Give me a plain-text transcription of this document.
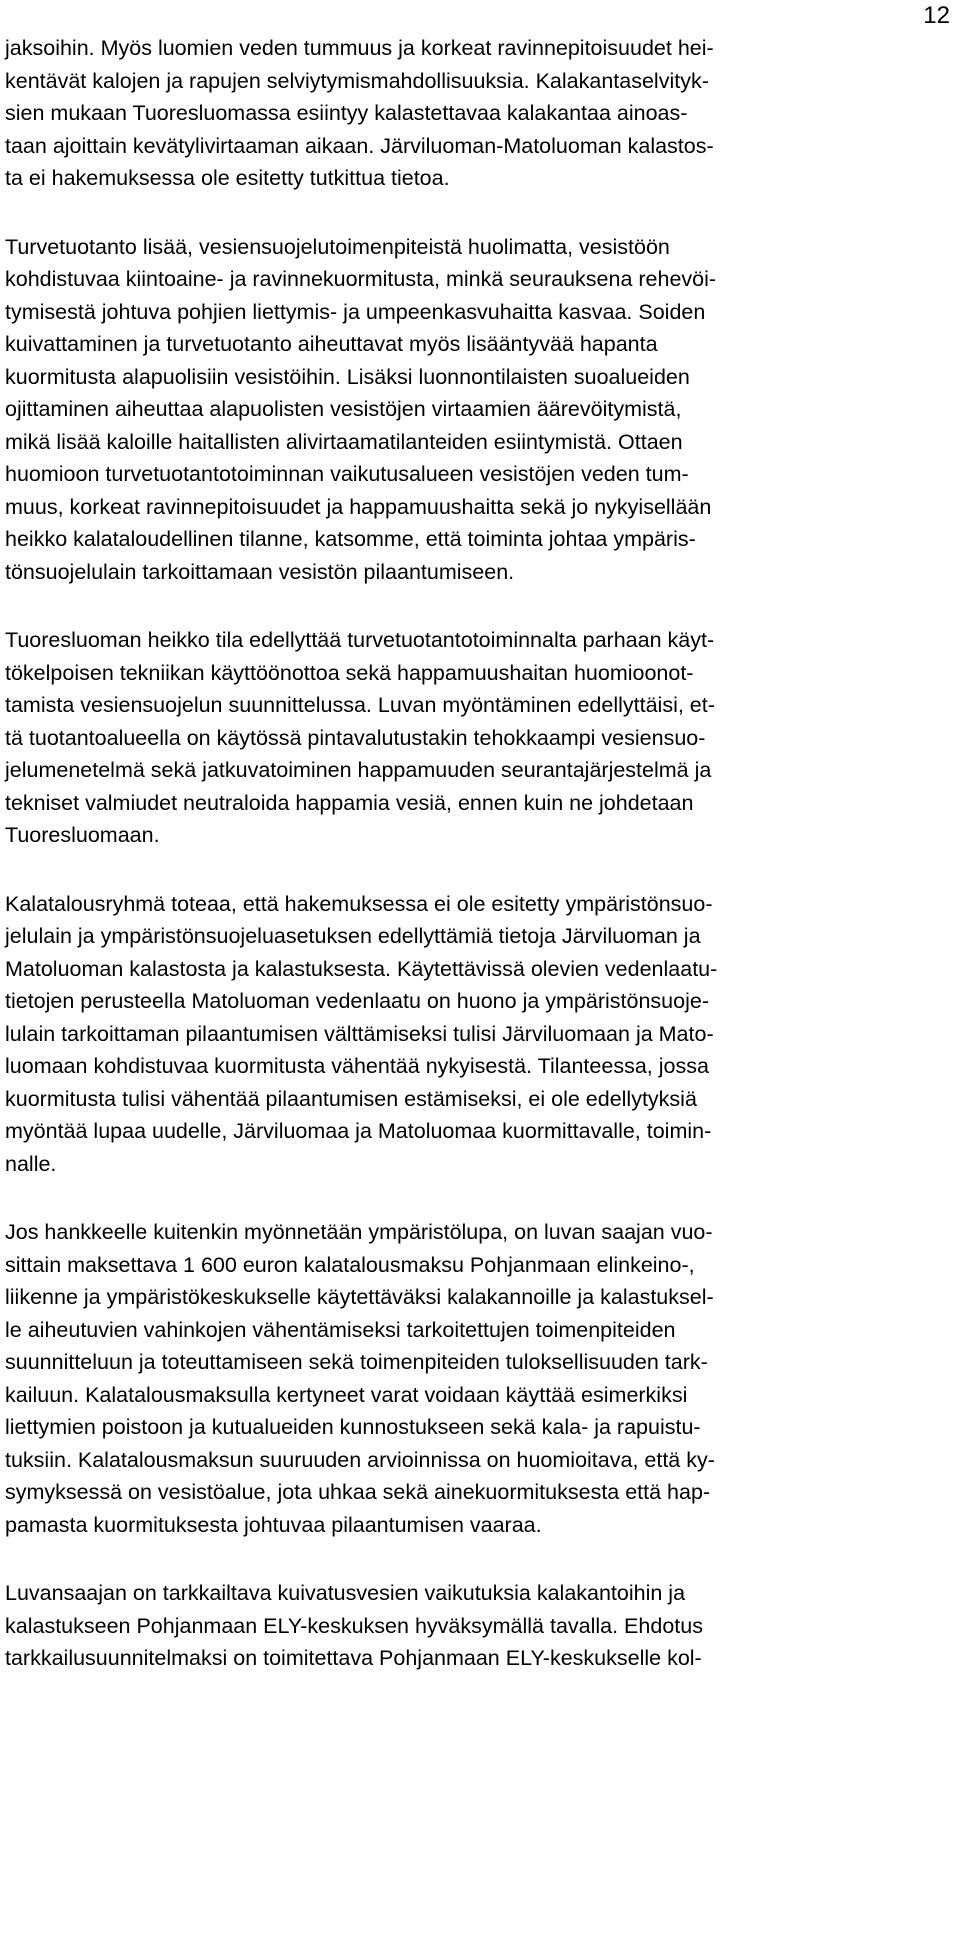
12

jaksoihin. Myös luomien veden tummuus ja korkeat ravinnepitoisuudet hei-
kentävät kalojen ja rapujen selviytymismahdollisuuksia. Kalakantaselvityk-
sien mukaan Tuoresluomassa esiintyy kalastettavaa kalakantaa ainoas-
taan ajoittain kevätylivirtaaman aikaan. Järviluoman-Matoluoman kalastos-
ta ei hakemuksessa ole esitetty tutkittua tietoa.

Turvetuotanto lisää, vesiensuojelutoimenpiteistä huolimatta, vesistöön
kohdistuvaa kiintoaine- ja ravinnekuormitusta, minkä seurauksena rehevöi-
tymisestä johtuva pohjien liettymis- ja umpeenkasvuhaitta kasvaa. Soiden
kuivattaminen ja turvetuotanto aiheuttavat myös lisääntyvää hapanta
kuormitusta alapuolisiin vesistöihin. Lisäksi luonnontilaisten suoalueiden
ojittaminen aiheuttaa alapuolisten vesistöjen virtaamien äärevöitymistä,
mikä lisää kaloille haitallisten alivirtaamatilanteiden esiintymistä. Ottaen
huomioon turvetuotantotoiminnan vaikutusalueen vesistöjen veden tum-
muus, korkeat ravinnepitoisuudet ja happamuushaitta sekä jo nykyisellään
heikko kalataloudellinen tilanne, katsomme, että toiminta johtaa ympäris-
tönsuojelulain tarkoittamaan vesistön pilaantumiseen.

Tuoresluoman heikko tila edellyttää turvetuotantotoiminnalta parhaan käyt-
tökelpoisen tekniikan käyttöönottoa sekä happamuushaitan huomioonot-
tamista vesiensuojelun suunnittelussa. Luvan myöntäminen edellyttäisi, et-
tä tuotantoalueella on käytössä pintavalutustakin tehokkaampi vesiensuo-
jelumenetelmä sekä jatkuvatoiminen happamuuden seurantajärjestelmä ja
tekniset valmiudet neutraloida happamia vesiä, ennen kuin ne johdetaan
Tuoresluomaan.

Kalatalousryhmä toteaa, että hakemuksessa ei ole esitetty ympäristönsuo-
jelulain ja ympäristönsuojeluasetuksen edellyttämiä tietoja Järviluoman ja
Matoluoman kalastosta ja kalastuksesta. Käytettävissä olevien vedenlaatu-
tietojen perusteella Matoluoman vedenlaatu on huono ja ympäristönsuoje-
lulain tarkoittaman pilaantumisen välttämiseksi tulisi Järviluomaan ja Mato-
luomaan kohdistuvaa kuormitusta vähentää nykyisestä. Tilanteessa, jossa
kuormitusta tulisi vähentää pilaantumisen estämiseksi, ei ole edellytyksiä
myöntää lupaa uudelle, Järviluomaa ja Matoluomaa kuormittavalle, toimin-
nalle.

Jos hankkeelle kuitenkin myönnetään ympäristölupa, on luvan saajan vuo-
sittain maksettava 1 600 euron kalatalousmaksu Pohjanmaan elinkeino-,
liikenne ja ympäristökeskukselle käytettäväksi kalakannoille ja kalastuksel-
le aiheutuvien vahinkojen vähentämiseksi tarkoitettujen toimenpiteiden
suunnitteluun ja toteuttamiseen sekä toimenpiteiden tuloksellisuuden tark-
kailuun. Kalatalousmaksulla kertyneet varat voidaan käyttää esimerkiksi
liettymien poistoon ja kutualueiden kunnostukseen sekä kala- ja rapuistu-
tuksiin. Kalatalousmaksun suuruuden arvioinnissa on huomioitava, että ky-
symyksessä on vesistöalue, jota uhkaa sekä ainekuormituksesta että hap-
pamasta kuormituksesta johtuvaa pilaantumisen vaaraa.

Luvansaajan on tarkkailtava kuivatusvesien vaikutuksia kalakantoihin ja
kalastukseen Pohjanmaan ELY-keskuksen hyväksymällä tavalla. Ehdotus
tarkkailusuunnitelmaksi on toimitettava Pohjanmaan ELY-keskukselle kol-
